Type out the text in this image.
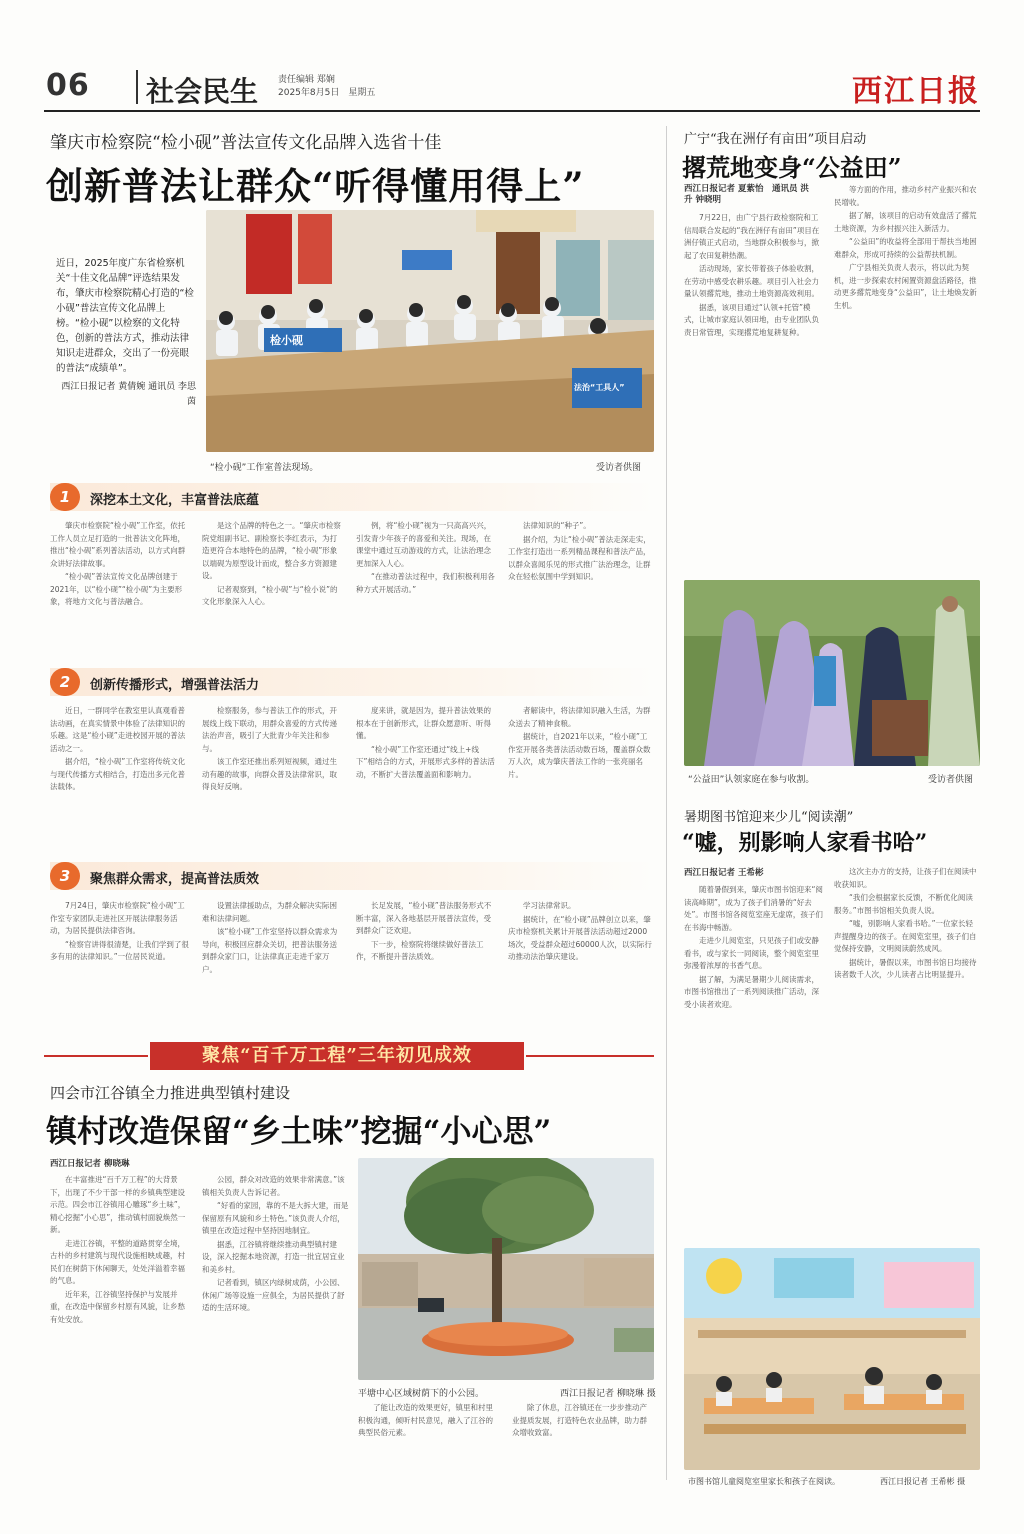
06 社会民生 责任编辑 郑娴
2025年8月5日　星期五	西江日报
肇庆市检察院“检小砚”普法宣传文化品牌入选省十佳
创新普法让群众“听得懂用得上”
近日，2025年度广东省检察机关“十佳文化品牌”评选结果发布，肇庆市检察院精心打造的“检小砚”普法宣传文化品牌上榜。“检小砚”以检察的文化特色，创新的普法方式，推动法律知识走进群众，交出了一份亮眼的普法“成绩单”。
西江日报记者 黄倩婉 通讯员 李思茵
检小砚
法治“工具人”
“检小砚”工作室普法现场。	受访者供图
1	深挖本土文化，丰富普法底蕴

肇庆市检察院“检小砚”工作室，依托工作人员立足打造的一批普法文化阵地，推出“检小砚”系列普法活动，以方式向群众讲好法律故事。

“检小砚”普法宣传文化品牌创建于2021年，以“检小砚”“检小砚”为主要形象，将地方文化与普法融合。

是这个品牌的特色之一。“肇庆市检察院党组副书记、副检察长李红表示，为打造更符合本地特色的品牌，“检小砚”形象以端砚为原型设计而成，整合多方资源建设。

记者观察到，“检小砚”与“检小说”的文化形象深入人心。

例，将“检小砚”视为一只高高兴兴，引发青少年孩子的喜爱和关注。现场，在课堂中通过互动游戏的方式，让法治理念更加深入人心。

“在推动普法过程中，我们积极利用各种方式开展活动。”

法律知识的“种子”。

据介绍，为让“检小砚”普法走深走实，工作室打造出一系列精品课程和普法产品，以群众喜闻乐见的形式推广法治理念，让群众在轻松氛围中学到知识。

2	创新传播形式，增强普法活力

近日，一群同学在教室里认真观看普法动画，在真实情景中体验了法律知识的乐趣。这是“检小砚”走进校园开展的普法活动之一。

据介绍，“检小砚”工作室将传统文化与现代传播方式相结合，打造出多元化普法载体。

检察服务，参与普法工作的形式，开展线上线下联动，用群众喜爱的方式传递法治声音，吸引了大批青少年关注和参与。

该工作室还推出系列短视频，通过生动有趣的故事，向群众普及法律常识，取得良好反响。

度来讲，就是因为，提升普法效果的根本在于创新形式，让群众愿意听、听得懂。

“检小砚”工作室还通过“线上+线下”相结合的方式，开展形式多样的普法活动，不断扩大普法覆盖面和影响力。

者解读中，将法律知识融入生活，为群众送去了精神食粮。

据统计，自2021年以来，“检小砚”工作室开展各类普法活动数百场，覆盖群众数万人次，成为肇庆普法工作的一张亮丽名片。

3	聚焦群众需求，提高普法质效

7月24日，肇庆市检察院“检小砚”工作室专家团队走进社区开展法律服务活动，为居民提供法律咨询。

“检察官讲得很清楚，让我们学到了很多有用的法律知识。”一位居民说道。

设置法律援助点，为群众解决实际困难和法律问题。

该“检小砚”工作室坚持以群众需求为导向，积极回应群众关切，把普法服务送到群众家门口，让法律真正走进千家万户。

长足发展，“检小砚”普法服务形式不断丰富，深入各地基层开展普法宣传，受到群众广泛欢迎。

下一步，检察院将继续做好普法工作，不断提升普法质效。

学习法律常识。

据统计，在“检小砚”品牌创立以来，肇庆市检察机关累计开展普法活动超过2000场次，受益群众超过60000人次，以实际行动推动法治肇庆建设。

聚焦“百千万工程”三年初见成效
四会市江谷镇全力推进典型镇村建设
镇村改造保留“乡土味”挖掘“小心思”
西江日报记者 柳晓琳

在丰富推进“百千万工程”的大背景下，出现了不少干部一样的乡镇典型建设示范。四会市江谷镇用心雕琢“乡土味”，精心挖掘“小心思”，推动镇村面貌焕然一新。

走进江谷镇，平整的道路贯穿全境，古朴的乡村建筑与现代设施相映成趣，村民们在树荫下休闲聊天，处处洋溢着幸福的气息。

近年来，江谷镇坚持保护与发展并重，在改造中保留乡村原有风貌，让乡愁有处安放。

公园，群众对改造的效果非常满意。”该镇相关负责人告诉记者。

“好看的家园，靠的不是大拆大建，而是保留原有风貌和乡土特色。”该负责人介绍，镇里在改造过程中坚持因地制宜。

据悉，江谷镇将继续推动典型镇村建设，深入挖掘本地资源，打造一批宜居宜业和美乡村。

记者看到，镇区内绿树成荫，小公园、休闲广场等设施一应俱全，为居民提供了舒适的生活环境。

平塘中心区域树荫下的小公园。	西江日报记者 柳晓琳 摄

了能让改造的效果更好，镇里和村里积极沟通，倾听村民意见，融入了江谷的典型民俗元素。

除了休息，江谷镇还在一步步推动产业提质发展，打造特色农业品牌，助力群众增收致富。

广宁“我在洲仔有亩田”项目启动
撂荒地变身“公益田”
西江日报记者 夏紫怡　通讯员 洪升 钟晓明

7月22日，由广宁县行政检察院和工信局联合发起的“我在洲仔有亩田”项目在洲仔镇正式启动，当地群众积极参与，掀起了农田复耕热潮。

活动现场，家长带着孩子体验收割，在劳动中感受农耕乐趣。项目引入社会力量认领撂荒地，推动土地资源高效利用。

据悉，该项目通过“认领+托管”模式，让城市家庭认领田地，由专业团队负责日常管理，实现撂荒地复耕复种。

等方面的作用，推动乡村产业振兴和农民增收。

据了解，该项目的启动有效盘活了撂荒土地资源，为乡村振兴注入新活力。

“公益田”的收益将全部用于帮扶当地困难群众，形成可持续的公益帮扶机制。

广宁县相关负责人表示，将以此为契机，进一步探索农村闲置资源盘活路径，推动更多撂荒地变身“公益田”，让土地焕发新生机。

“公益田”认领家庭在参与收割。	受访者供图
暑期图书馆迎来少儿“阅读潮”
“嘘，别影响人家看书哈”
西江日报记者 王希彬

随着暑假到来，肇庆市图书馆迎来“阅读高峰期”，成为了孩子们消暑的“好去处”。市图书馆各阅览室座无虚席，孩子们在书海中畅游。

走进少儿阅览室，只见孩子们或安静看书，或与家长一同阅读，整个阅览室里弥漫着浓厚的书香气息。

据了解，为满足暑期少儿阅读需求，市图书馆推出了一系列阅读推广活动，深受小读者欢迎。

这次主办方的支持，让孩子们在阅读中收获知识。

“我们会根据家长反馈，不断优化阅读服务。”市图书馆相关负责人说。

“嘘，别影响人家看书哈。”一位家长轻声提醒身边的孩子。在阅览室里，孩子们自觉保持安静，文明阅读蔚然成风。

据统计，暑假以来，市图书馆日均接待读者数千人次，少儿读者占比明显提升。

市图书馆儿童阅览室里家长和孩子在阅读。	西江日报记者 王希彬 摄
